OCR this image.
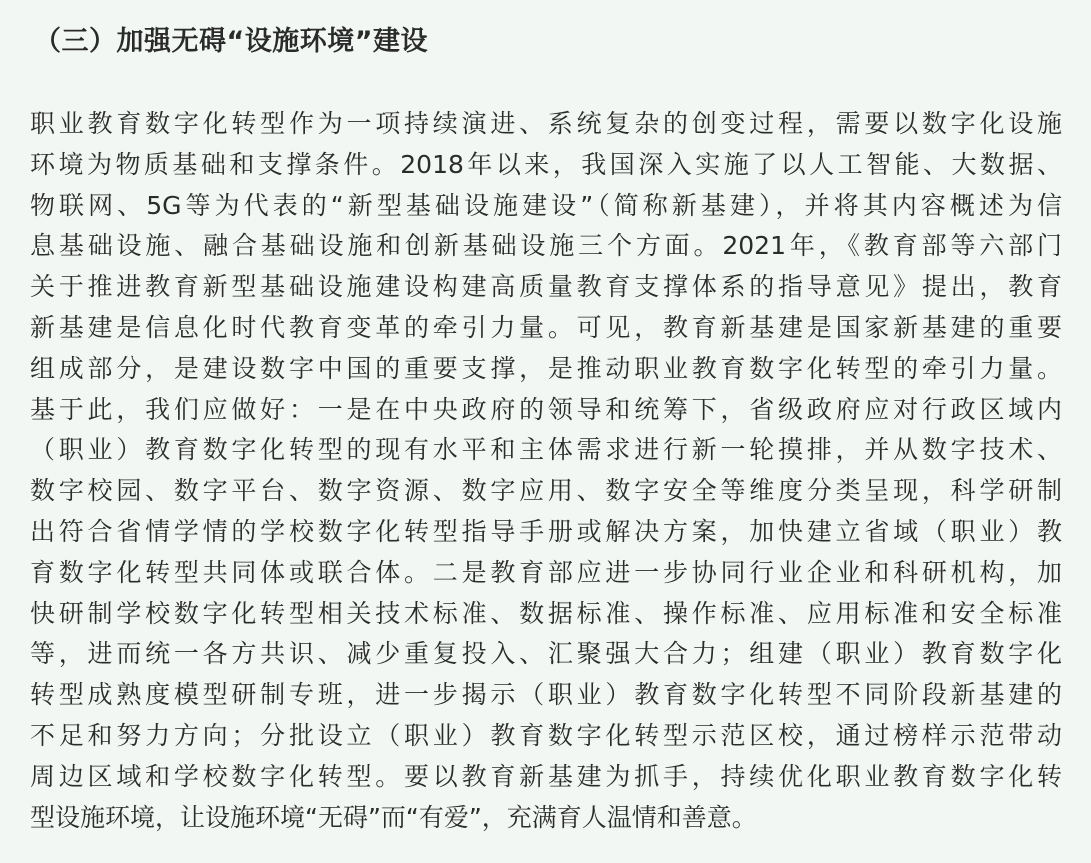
（三）加强无碍“设施环境”建设
职业教育数字化转型作为一项持续演进、系统复杂的创变过程，需要以数字化设施
环境为物质基础和支撑条件。2018年以来，我国深入实施了以人工智能、大数据、
物联网、5G等为代表的“新型基础设施建设”（简称新基建），并将其内容概述为信
息基础设施、融合基础设施和创新基础设施三个方面。2021年，《教育部等六部门
关于推进教育新型基础设施建设构建高质量教育支撑体系的指导意见》提出，教育
新基建是信息化时代教育变革的牵引力量。可见，教育新基建是国家新基建的重要
组成部分，是建设数字中国的重要支撑，是推动职业教育数字化转型的牵引力量。
基于此，我们应做好：一是在中央政府的领导和统筹下，省级政府应对行政区域内
（职业）教育数字化转型的现有水平和主体需求进行新一轮摸排，并从数字技术、
数字校园、数字平台、数字资源、数字应用、数字安全等维度分类呈现，科学研制
出符合省情学情的学校数字化转型指导手册或解决方案，加快建立省域（职业）教
育数字化转型共同体或联合体。二是教育部应进一步协同行业企业和科研机构，加
快研制学校数字化转型相关技术标准、数据标准、操作标准、应用标准和安全标准
等，进而统一各方共识、减少重复投入、汇聚强大合力；组建（职业）教育数字化
转型成熟度模型研制专班，进一步揭示（职业）教育数字化转型不同阶段新基建的
不足和努力方向；分批设立（职业）教育数字化转型示范区校，通过榜样示范带动
周边区域和学校数字化转型。要以教育新基建为抓手，持续优化职业教育数字化转
型设施环境，让设施环境“无碍”而“有爱”，充满育人温情和善意。
